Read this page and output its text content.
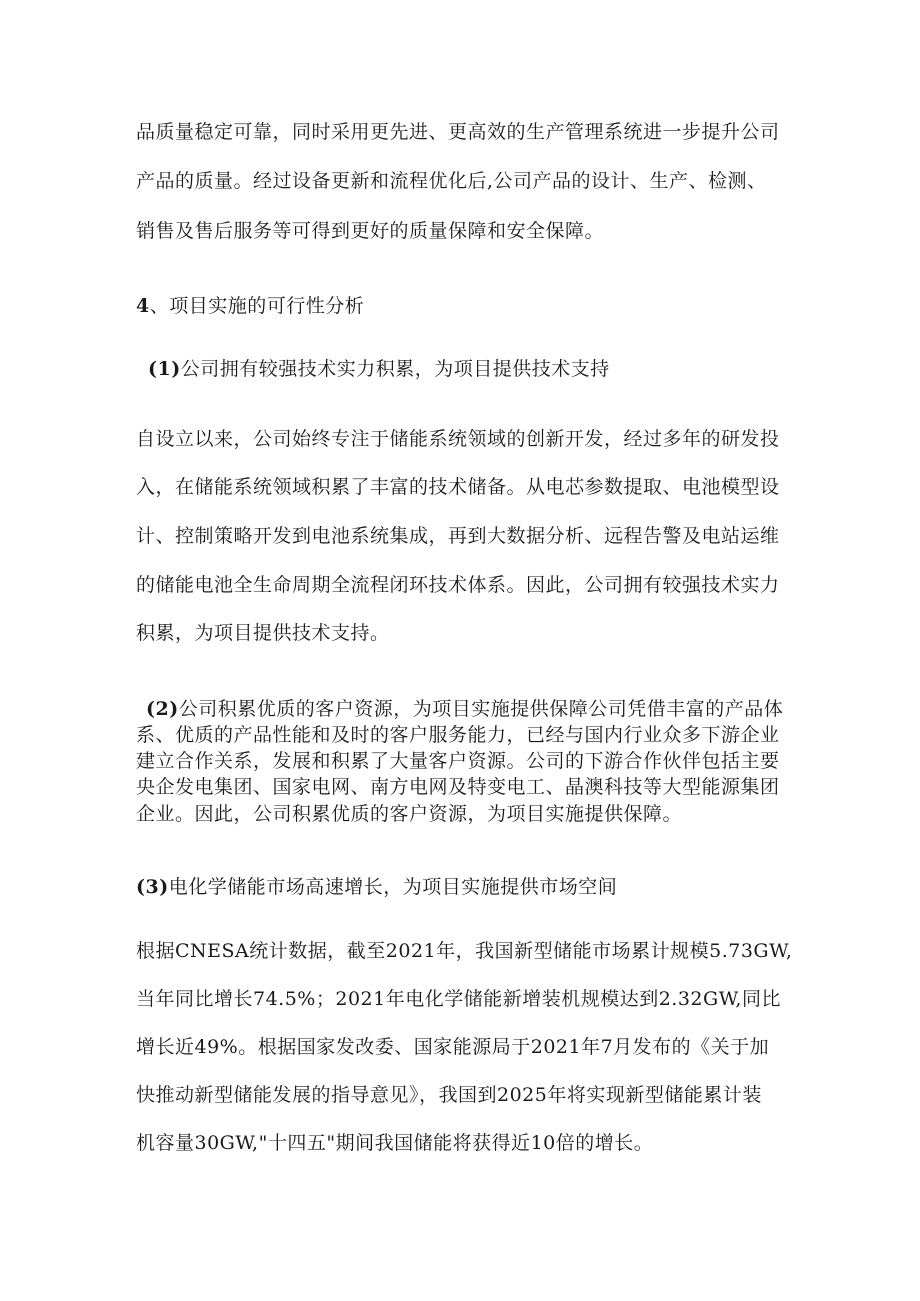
品质量稳定可靠，同时采用更先进、更高效的生产管理系统进一步提升公司

产品的质量。经过设备更新和流程优化后,公司产品的设计、生产、检测、

销售及售后服务等可得到更好的质量保障和安全保障。

4、项目实施的可行性分析

(1)公司拥有较强技术实力积累，为项目提供技术支持

自设立以来，公司始终专注于储能系统领域的创新开发，经过多年的研发投

入，在储能系统领域积累了丰富的技术储备。从电芯参数提取、电池模型设

计、控制策略开发到电池系统集成，再到大数据分析、远程告警及电站运维

的储能电池全生命周期全流程闭环技术体系。因此，公司拥有较强技术实力

积累，为项目提供技术支持。

(2)公司积累优质的客户资源，为项目实施提供保障公司凭借丰富的产品体

系、优质的产品性能和及时的客户服务能力，已经与国内行业众多下游企业

建立合作关系，发展和积累了大量客户资源。公司的下游合作伙伴包括主要

央企发电集团、国家电网、南方电网及特变电工、晶澳科技等大型能源集团

企业。因此，公司积累优质的客户资源，为项目实施提供保障。

(3)电化学储能市场高速增长，为项目实施提供市场空间

根据CNESA统计数据，截至2021年，我国新型储能市场累计规模5.73GW,

当年同比增长74.5%；2021年电化学储能新增装机规模达到2.32GW,同比

增长近49%。根据国家发改委、国家能源局于2021年7月发布的《关于加

快推动新型储能发展的指导意见》，我国到2025年将实现新型储能累计装

机容量30GW,"十四五"期间我国储能将获得近10倍的增长。
